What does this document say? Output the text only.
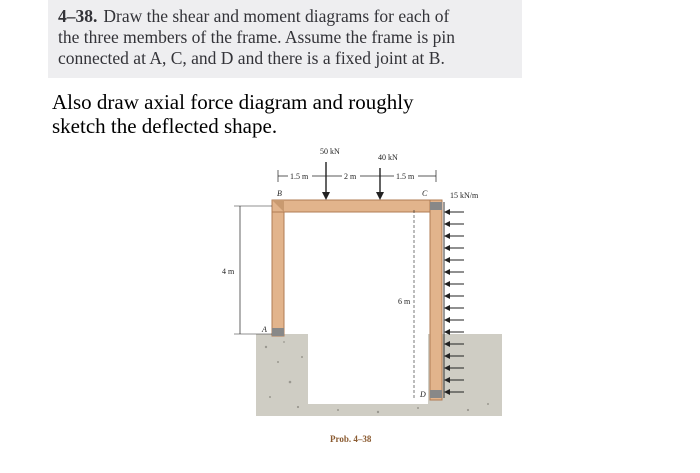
4–38. Draw the shear and moment diagrams for each of
the three members of the frame. Assume the frame is pin
connected at A, C, and D and there is a fixed joint at B.
Also draw axial force diagram and roughly
sketch the deflected shape.
50 kN
40 kN
1.5 m	2 m	1.5 m
4 m
6 m
15 kN/m
A
B	C
D
Prob. 4–38
